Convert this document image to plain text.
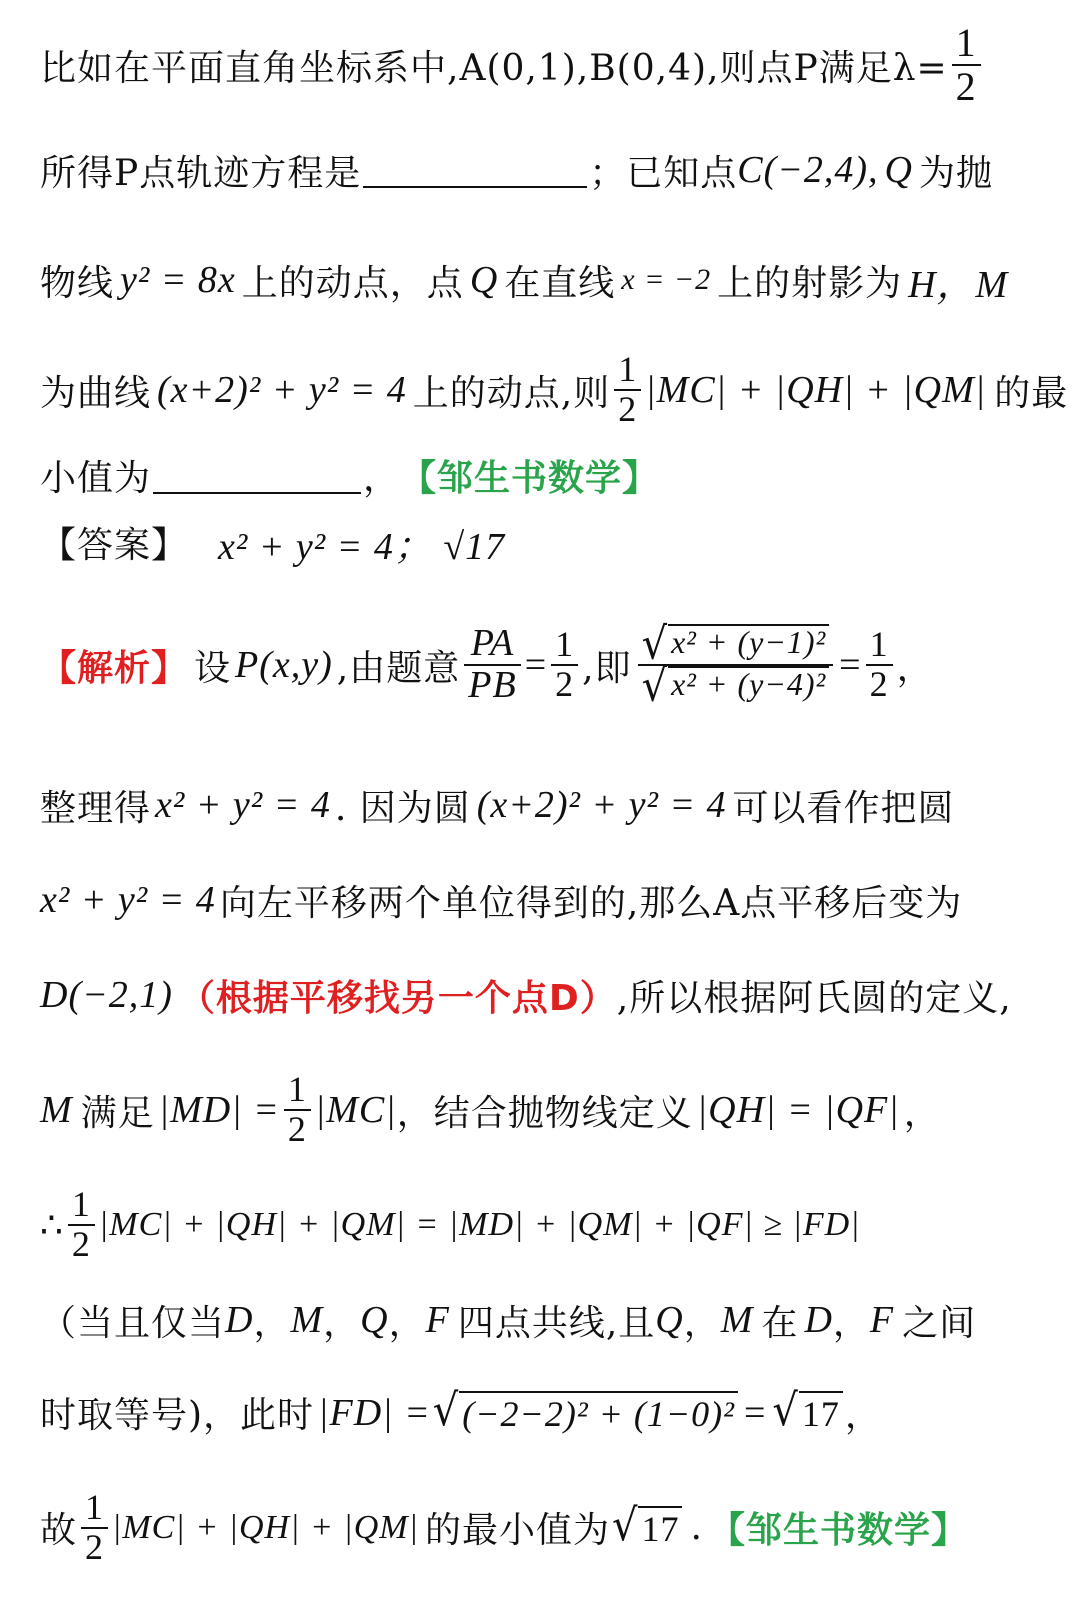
比如在平面直角坐标系中,A(0,1),B(0,4),则点P满足$\lambda= \frac{1}{2}$
所得P点轨迹方程是	；已知点 C(−2,4), Q 为抛
物线 y² = 8x 上的动点，点 Q 在直线 x = −2 上的射影为 H，M
为曲线 (x+2)² + y² = 4 上的动点,则 $\frac{1}{2} |MC| + |QH| + |QM|$ 的最
小值为	， 【邹生书数学】
【答案】 x² + y² = 4； √17
【解析】 设 P(x,y) ,由题意 $\frac{PA}{PB} = \frac{1}{2}$ ,即 $\frac{\text{√ x² + (y−1)²}}{\text{√ x² + (y−4)²}} = \frac{1}{2}$ ，
整理得 x² + y² = 4 . 因为圆 (x+2)² + y² = 4 可以看作把圆
x² + y² = 4 向左平移两个单位得到的,那么A点平移后变为
D(−2,1) （根据平移找另一个点D） ,所以根据阿氏圆的定义,
M 满足 $|MD| = \frac{1}{2} |MC|$ ，结合抛物线定义 |QH| = |QF| ，
∴ $\frac{1}{2} |MC| + |QH| + |QM| = |MD| + |QM| + |QF| \ge |FD|$
（当且仅当 D ， M ， Q ， F 四点共线,且 Q ， M 在 D ， F 之间
时取等号)，此时 |FD| = √ (−2−2)² + (1−0)² = √ 17 ，
故 $\frac{1}{2} |MC| + |QH| + |QM|$ 的最小值为 √ 17 . 【邹生书数学】
